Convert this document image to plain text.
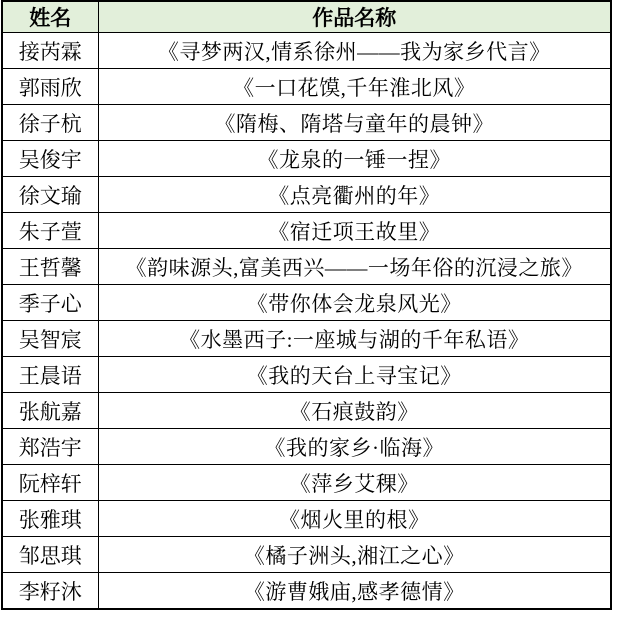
姓名	作品名称
接芮霖	《寻梦两汉,情系徐州——我为家乡代言》
郭雨欣	《一口花馍,千年淮北风》
徐子杭	《隋梅、隋塔与童年的晨钟》
吴俊宇	《龙泉的一锤一捏》
徐文瑜	《点亮衢州的年》
朱子萱	《宿迁项王故里》
王哲馨	《韵味源头,富美西兴——一场年俗的沉浸之旅》
季子心	《带你体会龙泉风光》
吴智宸	《水墨西子:一座城与湖的千年私语》
王晨语	《我的天台上寻宝记》
张航嘉	《石痕鼓韵》
郑浩宇	《我的家乡·临海》
阮梓轩	《萍乡艾稞》
张雅琪	《烟火里的根》
邹思琪	《橘子洲头,湘江之心》
李籽沐	《游曹娥庙,感孝德情》
